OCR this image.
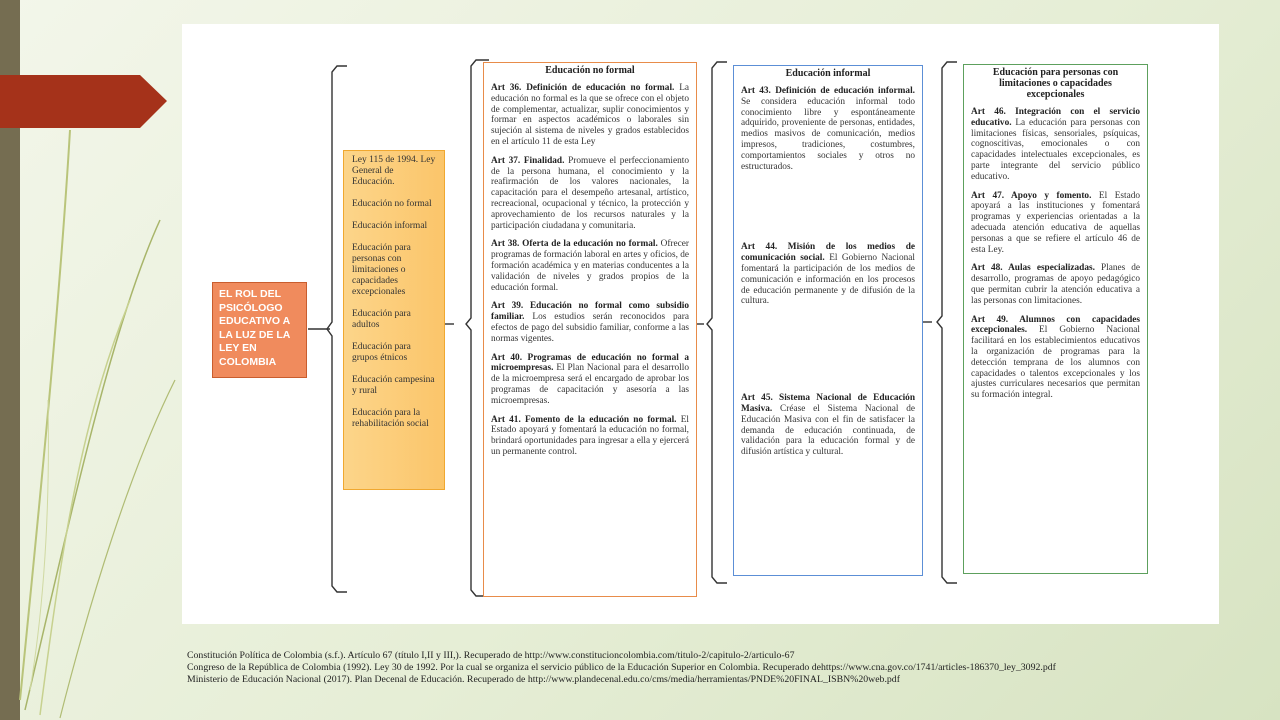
EL ROL DEL PSICÓLOGO EDUCATIVO A LA LUZ DE LA LEY EN COLOMBIA
Ley 115 de 1994. Ley General de Educación.
Educación no formal
Educación informal
Educación para personas con limitaciones o capacidades excepcionales
Educación para adultos
Educación para grupos étnicos
Educación campesina y rural
Educación para la rehabilitación social
Educación no formal
Art 36. Definición de educación no formal. La educación no formal es la que se ofrece con el objeto de complementar, actualizar, suplir conocimientos y formar en aspectos académicos o laborales sin sujeción al sistema de niveles y grados establecidos en el artículo 11 de esta Ley
Art 37. Finalidad. Promueve el perfeccionamiento de la persona humana, el conocimiento y la reafirmación de los valores nacionales, la capacitación para el desempeño artesanal, artístico, recreacional, ocupacional y técnico, la protección y aprovechamiento de los recursos naturales y la participación ciudadana y comunitaria.
Art 38. Oferta de la educación no formal. Ofrecer programas de formación laboral en artes y oficios, de formación académica y en materias conducentes a la validación de niveles y grados propios de la educación formal.
Art 39. Educación no formal como subsidio familiar. Los estudios serán reconocidos para efectos de pago del subsidio familiar, conforme a las normas vigentes.
Art 40. Programas de educación no formal a microempresas. El Plan Nacional para el desarrollo de la microempresa será el encargado de aprobar los programas de capacitación y asesoría a las microempresas.
Art 41. Fomento de la educación no formal. El Estado apoyará y fomentará la educación no formal, brindará oportunidades para ingresar a ella y ejercerá un permanente control.
Educación informal
Art 43. Definición de educación informal. Se considera educación informal todo conocimiento libre y espontáneamente adquirido, proveniente de personas, entidades, medios masivos de comunicación, medios impresos, tradiciones, costumbres, comportamientos sociales y otros no estructurados.
Art 44. Misión de los medios de comunicación social. El Gobierno Nacional fomentará la participación de los medios de comunicación e información en los procesos de educación permanente y de difusión de la cultura.
Art 45. Sistema Nacional de Educación Masiva. Créase el Sistema Nacional de Educación Masiva con el fin de satisfacer la demanda de educación continuada, de validación para la educación formal y de difusión artística y cultural.
Educación para personas con limitaciones o capacidades excepcionales
Art 46. Integración con el servicio educativo. La educación para personas con limitaciones físicas, sensoriales, psíquicas, cognoscitivas, emocionales o con capacidades intelectuales excepcionales, es parte integrante del servicio público educativo.
Art 47. Apoyo y fomento. El Estado apoyará a las instituciones y fomentará programas y experiencias orientadas a la adecuada atención educativa de aquellas personas a que se refiere el artículo 46 de esta Ley.
Art 48. Aulas especializadas. Planes de desarrollo, programas de apoyo pedagógico que permitan cubrir la atención educativa a las personas con limitaciones.
Art 49. Alumnos con capacidades excepcionales. El Gobierno Nacional facilitará en los establecimientos educativos la organización de programas para la detección temprana de los alumnos con capacidades o talentos excepcionales y los ajustes curriculares necesarios que permitan su formación integral.
Constitución Política de Colombia (s.f.). Artículo 67 (título I,II y III,). Recuperado de http://www.constitucioncolombia.com/titulo-2/capitulo-2/articulo-67
Congreso de la República de Colombia (1992). Ley 30 de 1992. Por la cual se organiza el servicio público de la Educación Superior en Colombia. Recuperado dehttps://www.cna.gov.co/1741/articles-186370_ley_3092.pdf
Ministerio de Educación Nacional (2017). Plan Decenal de Educación. Recuperado de http://www.plandecenal.edu.co/cms/media/herramientas/PNDE%20FINAL_ISBN%20web.pdf
